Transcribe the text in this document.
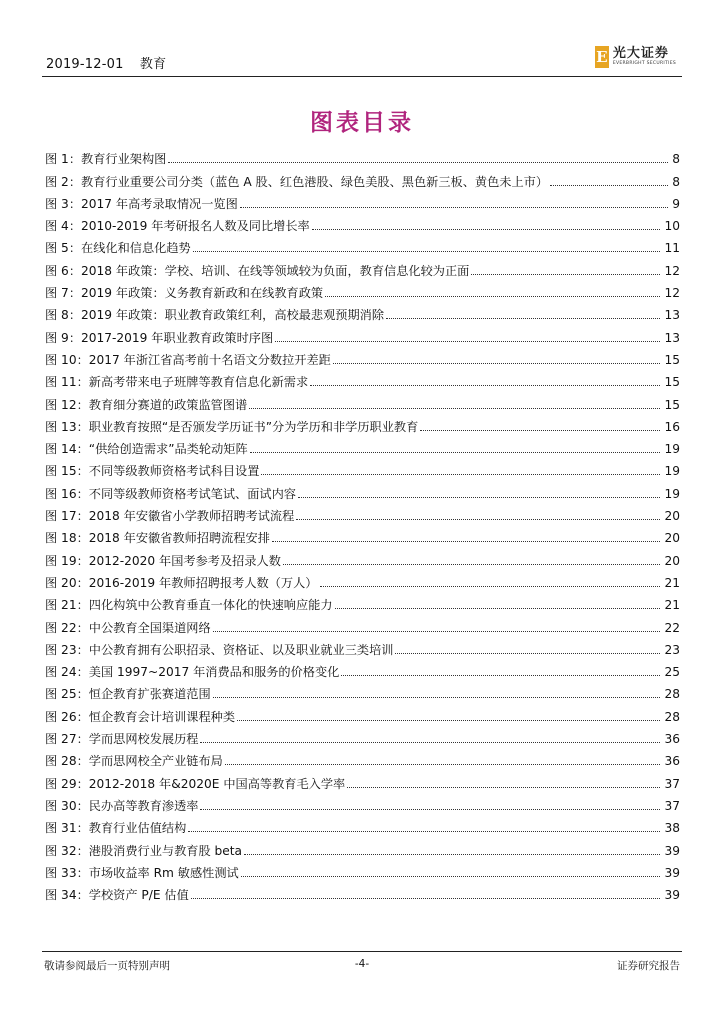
2019-12-01 教育	E 光大证券
EVERBRIGHT SECURITIES
图表目录
图 1：教育行业架构图	8
图 2：教育行业重要公司分类（蓝色 A 股、红色港股、绿色美股、黑色新三板、黄色未上市）	8
图 3：2017 年高考录取情况一览图	9
图 4：2010-2019 年考研报名人数及同比增长率	10
图 5：在线化和信息化趋势	11
图 6：2018 年政策：学校、培训、在线等领域较为负面，教育信息化较为正面	12
图 7：2019 年政策：义务教育新政和在线教育政策	12
图 8：2019 年政策：职业教育政策红利，高校最悲观预期消除	13
图 9：2017-2019 年职业教育政策时序图	13
图 10：2017 年浙江省高考前十名语文分数拉开差距	15
图 11：新高考带来电子班牌等教育信息化新需求	15
图 12：教育细分赛道的政策监管图谱	15
图 13：职业教育按照“是否颁发学历证书”分为学历和非学历职业教育	16
图 14：“供给创造需求”品类轮动矩阵	19
图 15：不同等级教师资格考试科目设置	19
图 16：不同等级教师资格考试笔试、面试内容	19
图 17：2018 年安徽省小学教师招聘考试流程	20
图 18：2018 年安徽省教师招聘流程安排	20
图 19：2012-2020 年国考参考及招录人数	20
图 20：2016-2019 年教师招聘报考人数（万人）	21
图 21：四化构筑中公教育垂直一体化的快速响应能力	21
图 22：中公教育全国渠道网络	22
图 23：中公教育拥有公职招录、资格证、以及职业就业三类培训	23
图 24：美国 1997~2017 年消费品和服务的价格变化	25
图 25：恒企教育扩张赛道范围	28
图 26：恒企教育会计培训课程种类	28
图 27：学而思网校发展历程	36
图 28：学而思网校全产业链布局	36
图 29：2012-2018 年&2020E 中国高等教育毛入学率	37
图 30：民办高等教育渗透率	37
图 31：教育行业估值结构	38
图 32：港股消费行业与教育股 beta	39
图 33：市场收益率 Rm 敏感性测试	39
图 34：学校资产 P/E 估值	39
敬请参阅最后一页特别声明	-4-	证券研究报告
